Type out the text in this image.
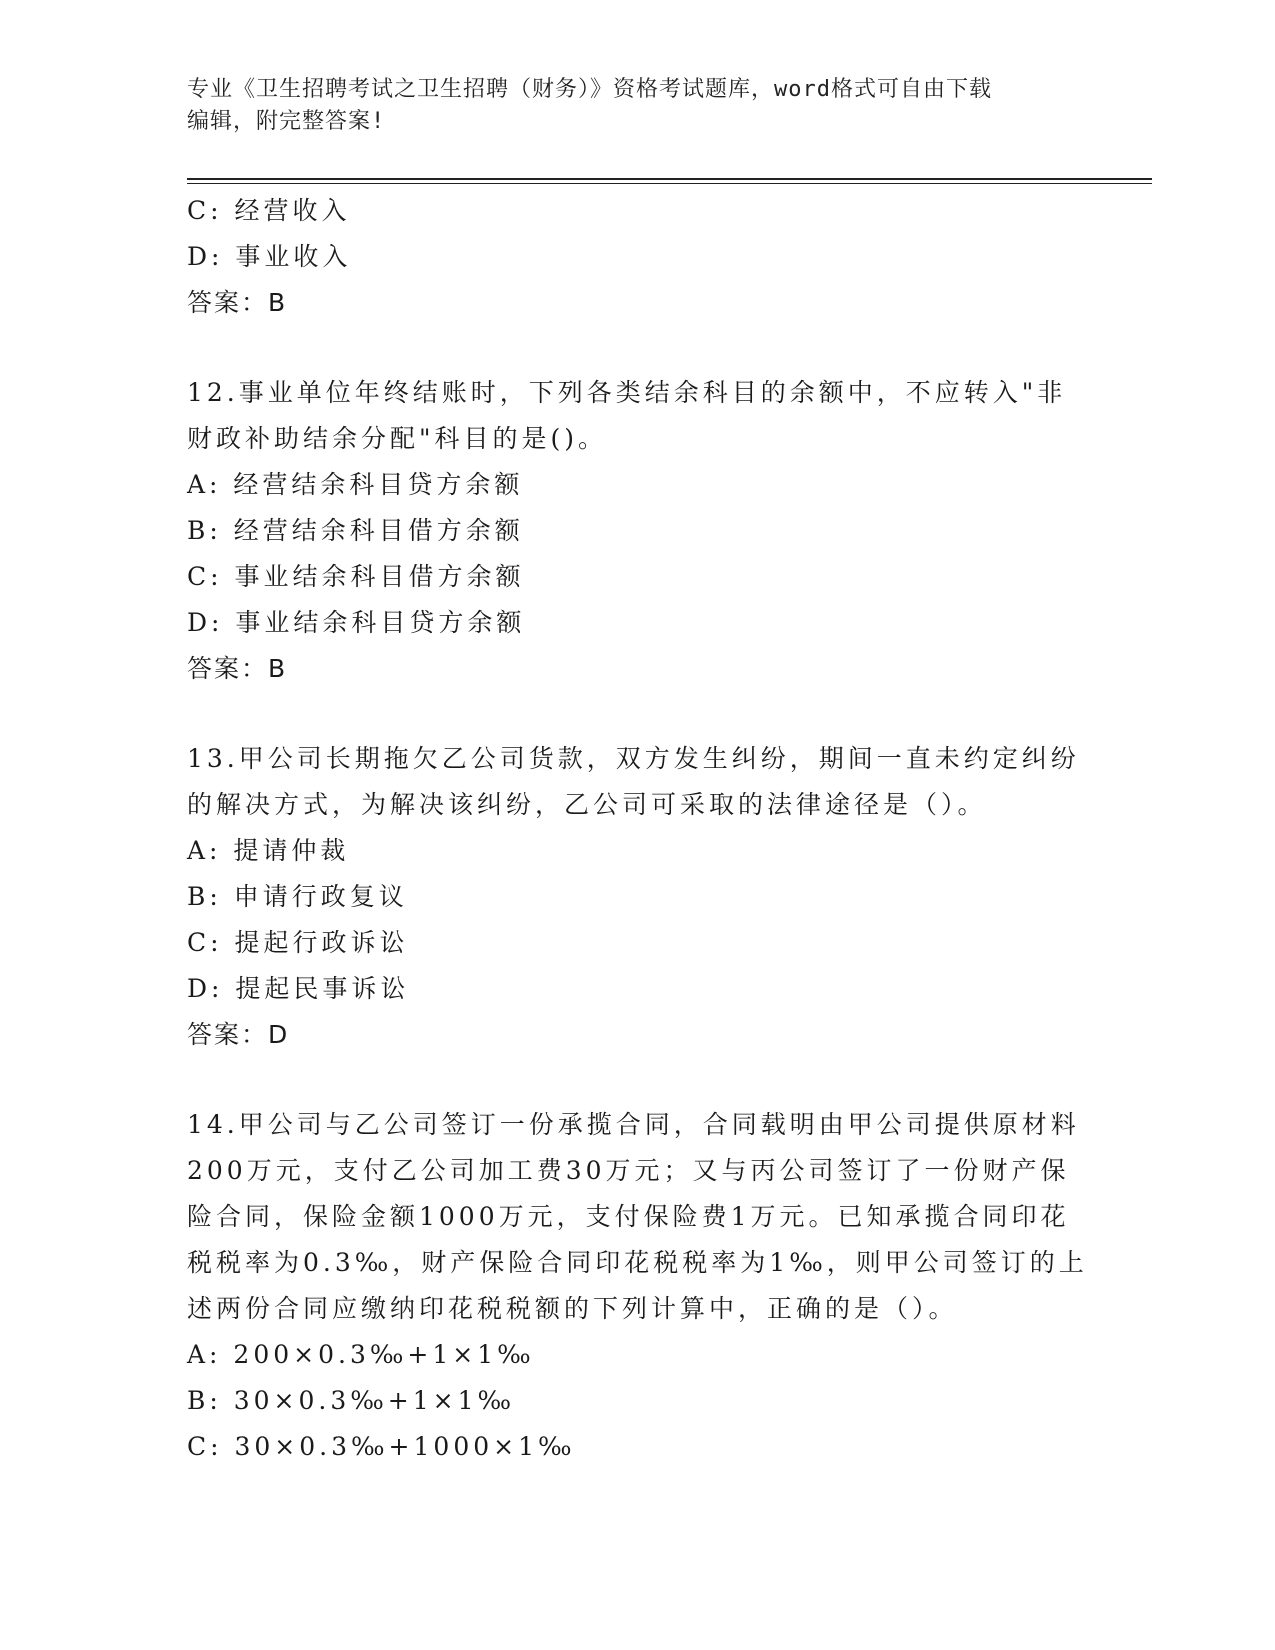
专业《卫生招聘考试之卫生招聘（财务）》资格考试题库，word格式可自由下载
编辑，附完整答案!
C: 经营收入
D: 事业收入
答案：B
12.事业单位年终结账时，下列各类结余科目的余额中，不应转入"非
财政补助结余分配"科目的是()。
A: 经营结余科目贷方余额
B: 经营结余科目借方余额
C: 事业结余科目借方余额
D: 事业结余科目贷方余额
答案：B
13.甲公司长期拖欠乙公司货款，双方发生纠纷，期间一直未约定纠纷
的解决方式，为解决该纠纷，乙公司可采取的法律途径是（）。
A: 提请仲裁
B: 申请行政复议
C: 提起行政诉讼
D: 提起民事诉讼
答案：D
14.甲公司与乙公司签订一份承揽合同，合同载明由甲公司提供原材料
200万元，支付乙公司加工费30万元；又与丙公司签订了一份财产保
险合同，保险金额1000万元，支付保险费1万元。已知承揽合同印花
税税率为0.3‰，财产保险合同印花税税率为1‰，则甲公司签订的上
述两份合同应缴纳印花税税额的下列计算中，正确的是（）。
A: 200×0.3‰+1×1‰
B: 30×0.3‰+1×1‰
C: 30×0.3‰+1000×1‰
